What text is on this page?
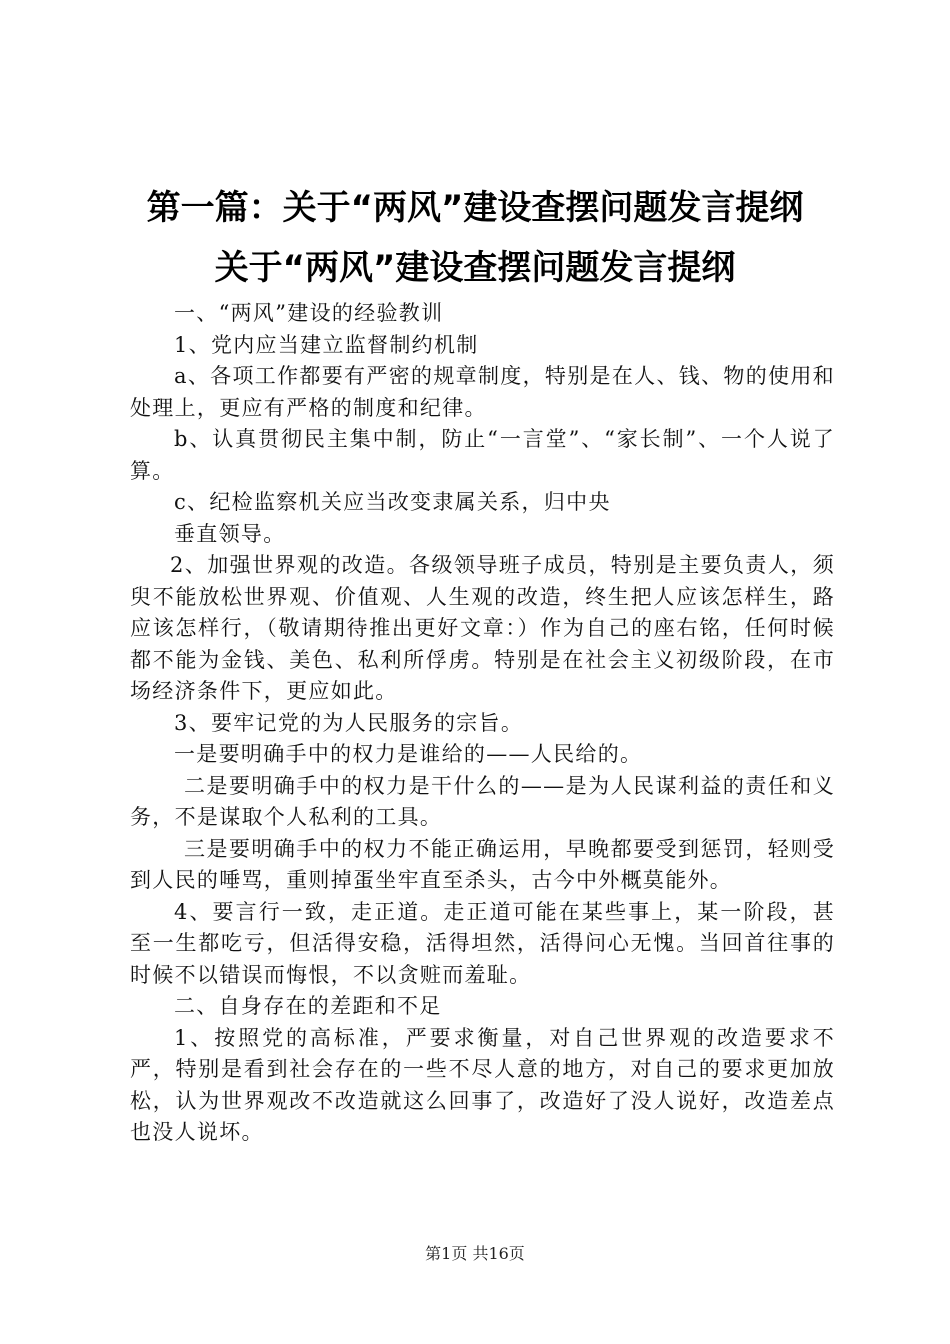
第一篇：关于“两风”建设查摆问题发言提纲
关于“两风”建设查摆问题发言提纲

一、“两风”建设的经验教训

1、党内应当建立监督制约机制

a、各项工作都要有严密的规章制度，特别是在人、钱、物的使用和处理上，更应有严格的制度和纪律。

b、认真贯彻民主集中制，防止“一言堂”、“家长制”、一个人说了算。

c、纪检监察机关应当改变隶属关系，归中央

垂直领导。

2、加强世界观的改造。各级领导班子成员，特别是主要负责人，须臾不能放松世界观、价值观、人生观的改造，终生把人应该怎样生，路应该怎样行，（敬请期待推出更好文章：）作为自己的座右铭，任何时候都不能为金钱、美色、私利所俘虏。特别是在社会主义初级阶段，在市场经济条件下，更应如此。

3、要牢记党的为人民服务的宗旨。

一是要明确手中的权力是谁给的——人民给的。

二是要明确手中的权力是干什么的——是为人民谋利益的责任和义务，不是谋取个人私利的工具。

三是要明确手中的权力不能正确运用，早晚都要受到惩罚，轻则受到人民的唾骂，重则掉蛋坐牢直至杀头，古今中外概莫能外。

4、要言行一致，走正道。走正道可能在某些事上，某一阶段，甚至一生都吃亏，但活得安稳，活得坦然，活得问心无愧。当回首往事的时候不以错误而悔恨，不以贪赃而羞耻。

二、自身存在的差距和不足

1、按照党的高标准，严要求衡量，对自己世界观的改造要求不严，特别是看到社会存在的一些不尽人意的地方，对自己的要求更加放松，认为世界观改不改造就这么回事了，改造好了没人说好，改造差点也没人说坏。

第1页 共16页
